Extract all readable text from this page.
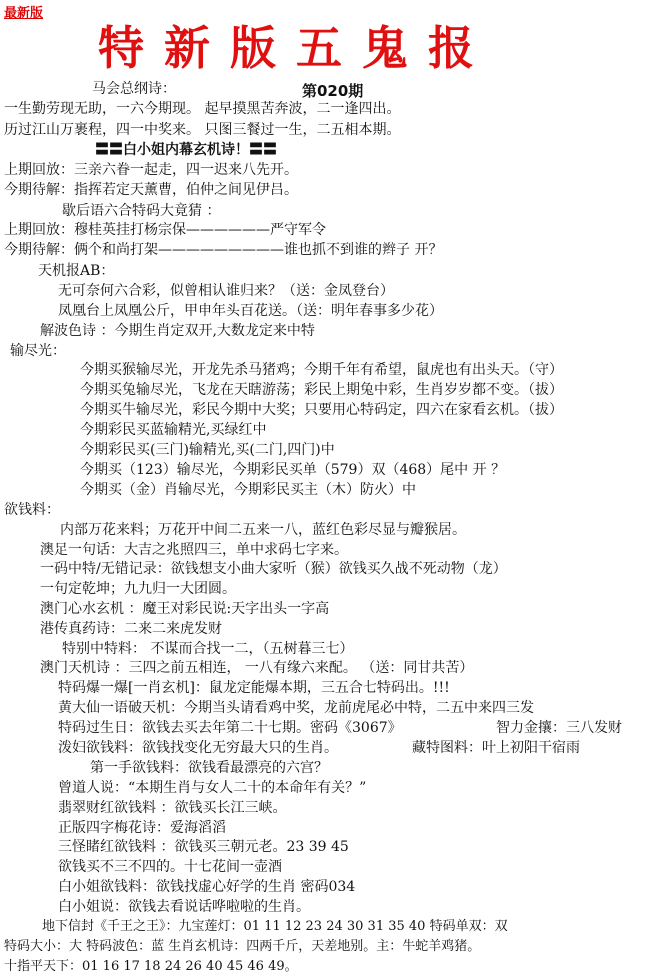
最新版
特新版五鬼报
第020期
马会总纲诗：
一生勤劳现无助，一六今期现。 起早摸黑苦奔波，二一逢四出。
历过江山万裹程，四一中奖来。 只图三餐过一生，二五相本期。
〓〓白小姐内幕玄机诗！〓〓
上期回放：三亲六眷一起走，四一迟来八先开。
今期待解：指挥若定天薰曹，伯仲之间见伊吕。
歇后语六合特码大竟猜 ：
上期回放：穆桂英挂打杨宗保——————严守军令
今期待解：俩个和尚打架—————————谁也抓不到谁的辫子 开？
天机报AB：
无可奈何六合彩，似曾相认谁归来？（送：金凤登台）
凤凰台上凤凰公斤，甲申年头百花送。（送：明年春事多少花）
解波色诗 ：今期生肖定双开,大数龙定来中特
输尽光：
今期买猴输尽光，开龙先杀马猪鸡；今期千年有希望，鼠虎也有出头天。（守）
今期买兔输尽光，飞龙在天瞎游荡；彩民上期兔中彩，生肖岁岁都不变。（拔）
今期买牛输尽光，彩民今期中大奖；只要用心特码定，四六在家看玄机。（拔）
今期彩民买蓝输精光,买绿红中
今期彩民买(三门)输精光,买(二门,四门)中
今期买（123）输尽光，今期彩民买单（579）双（468）尾中 开 ？
今期买（金）肖输尽光，今期彩民买主（木）防火）中
欲钱料：
内部万花来料；万花开中间二五来一八，蓝红色彩尽显与瓣猴居。
澳足一句话：大吉之兆照四三，单中求码七字来。
一码中特/无错记录：欲钱想支小曲大家听（猴）欲钱买久战不死动物（龙）
一句定乾坤；九九归一大团圆。
澳门心水玄机 ：魔王对彩民说:天字出头一字高
港传真药诗：二来二来虎发财
特别中特料： 不谋而合找一二，（五树暮三七）
澳门天机诗 ：三四之前五相连， 一八有缘六来配。 （送：同甘共苦）
特码爆一爆[一肖玄机]：鼠龙定能爆本期，三五合七特码出。!!!
黄大仙一语破天机：今期当头请看鸡中奖，龙前虎尾必中特，二五中来四三发
特码过生日：欲钱去买去年第二十七期。密码《3067》	智力金攘：三八发财
泼妇欲钱料：欲钱找变化无穷最大只的生肖。	藏特图料：叶上初阳干宿雨
第一手欲钱料：欲钱看最漂亮的六宫？
曾道人说：“本期生肖与女人二十的本命年有关？”
翡翠财红欲钱料 ：欲钱买长江三峡。
正版四字梅花诗：爱海滔滔
三怪睹红欲钱料 ：欲钱买三朝元老。23 39 45
欲钱买不三不四的。十七花间一壶酒
白小姐欲钱料：欲钱找虚心好学的生肖 密码034
白小姐说：欲钱去看说话哗啦啦的生肖。
地下信封《千王之王》：九宝莲灯：01 11 12 23 24 30 31 35 40 特码单双：双
特码大小：大 特码波色：蓝 生肖玄机诗：四两千斤，天差地别。主：牛蛇羊鸡猪。
十指平天下：01 16 17 18 24 26 40 45 46 49。
